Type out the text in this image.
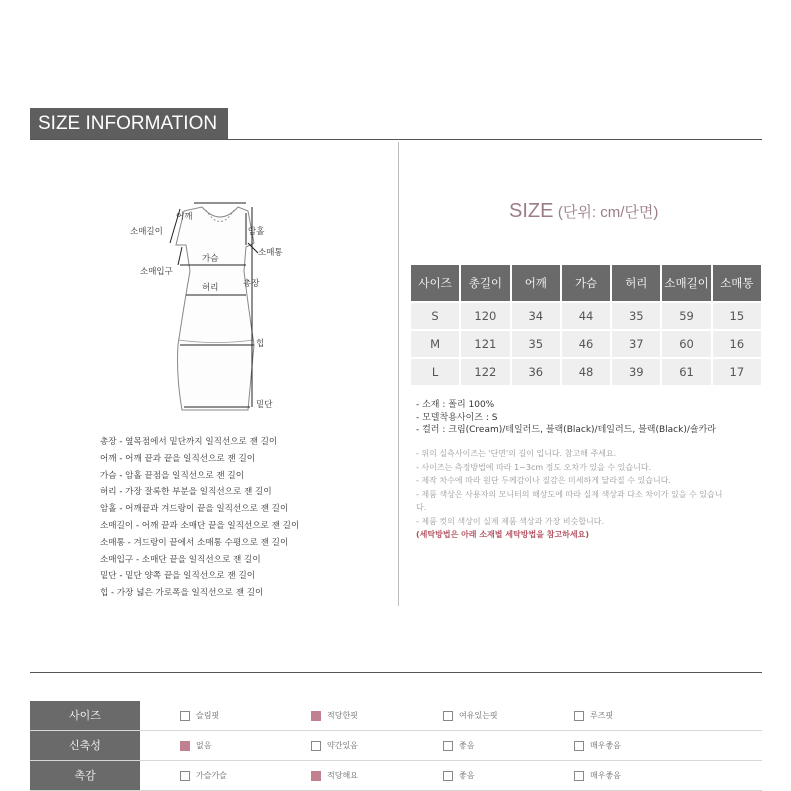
SIZE INFORMATION
어깨
소매길이	암홀
소매통
가슴
소매입구
총장
허리
힙
밑단
총장 - 옆목점에서 밑단까지 일직선으로 잰 길이
어깨 - 어깨 끝과 끝을 일직선으로 잰 길이
가슴 - 암홀 끝점을 일직선으로 잰 길이
허리 - 가장 잘록한 부분을 일직선으로 잰 길이
암홀 - 어깨끝과 겨드랑이 끝을 일직선으로 잰 길이
소매길이 - 어깨 끝과 소매단 끝을 일직선으로 잰 길이
소매통 - 겨드랑이 끝에서 소매통 수평으로 잰 길이
소매입구 - 소매단 끝을 일직선으로 잰 길이
밑단 - 밑단 양쪽 끝을 일직선으로 잰 길이
힙 - 가장 넓은 가로폭을 일직선으로 잰 길이
SIZE (단위: cm/단면)
사이즈	총길이	어깨	가슴	허리	소매길이	소매통
S	120	34	44	35	59	15
M	121	35	46	37	60	16
L	122	36	48	39	61	17
- 소재 : 폴리 100%
- 모델착용사이즈 : S
- 컬러 : 크림(Cream)/테일러드, 블랙(Black)/테일러드, 블랙(Black)/숄카라
- 위의 실측사이즈는 '단면'의 길이 입니다. 참고해 주세요.
- 사이즈는 측정방법에 따라 1~3cm 정도 오차가 있을 수 있습니다.
- 제작 차수에 따라 원단 두께감이나 질감은 미세하게 달라질 수 있습니다.
- 제품 색상은 사용자의 모니터의 해상도에 따라 실제 색상과 다소 차이가 있을 수 있습니
다.
- 제품 컷의 색상이 실제 제품 색상과 가장 비슷합니다.
(세탁방법은 아래 소재별 세탁방법을 참고하세요)
사이즈	슬림핏	적당한핏	여유있는핏	루즈핏
신축성	없음	약간있음	좋음	매우좋음
촉감	가슬가슬	적당해요	좋음	매우좋음
